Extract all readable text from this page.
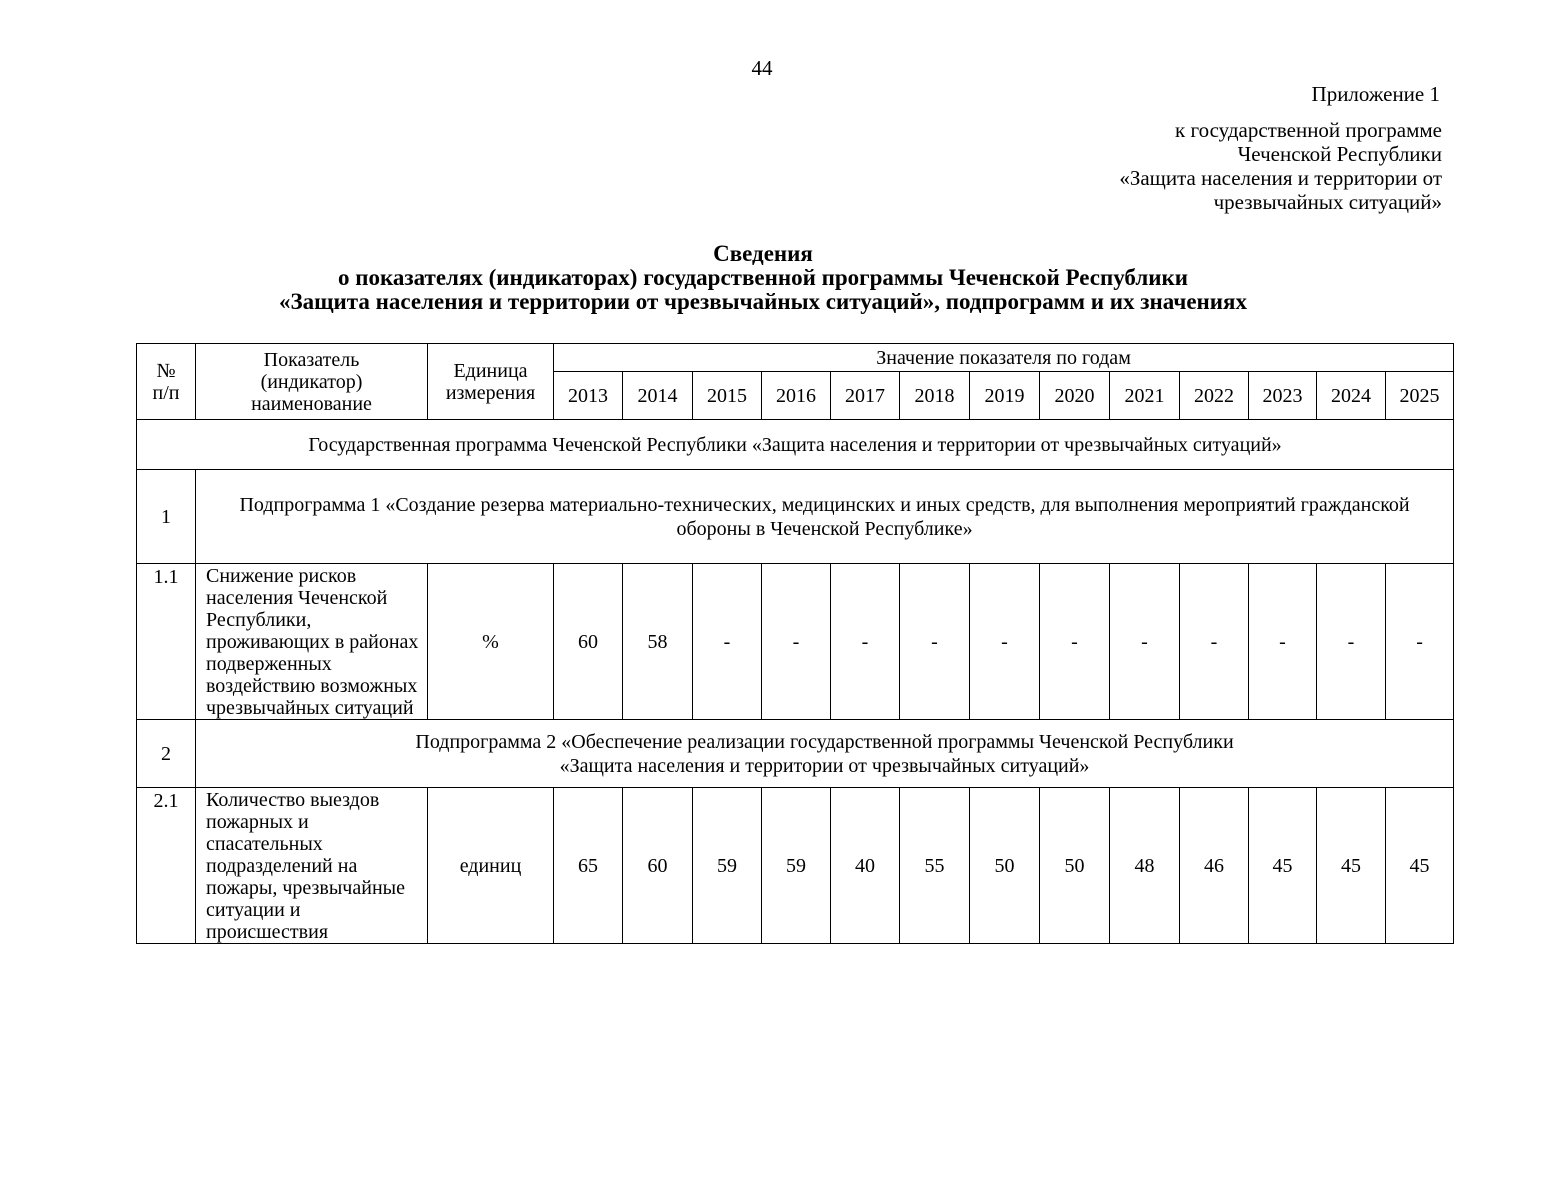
44
Приложение 1
к государственной программе
Чеченской Республики
«Защита населения и территории от
чрезвычайных ситуаций»
Сведения
о показателях (индикаторах) государственной программы Чеченской Республики
«Защита населения и территории от чрезвычайных ситуаций», подпрограмм и их значениях
№ п/п	Показатель (индикатор) наименование	Единица измерения	Значение показателя по годам												
			2013	2014	2015	2016	2017	2018	2019	2020	2021	2022	2023	2024	2025
Государственная программа Чеченской Республики «Защита населения и территории от чрезвычайных ситуаций»															
1	Подпрограмма 1 «Создание резерва материально-технических, медицинских и иных средств, для выполнения мероприятий гражданской обороны в Чеченской Республике»														

1.1	Снижение рисков населения Чеченской Республики, проживающих в районах подверженных воздействию возможных чрезвычайных ситуаций	%	60	58	-	-	-	-	-	-	-	-	-	-	-
2	Подпрограмма 2 «Обеспечение реализации государственной программы Чеченской Республики
«Защита населения и территории от чрезвычайных ситуаций»														

2.1	Количество выездов пожарных и спасательных подразделений на пожары, чрезвычайные ситуации и происшествия	единиц	65	60	59	59	40	55	50	50	48	46	45	45	45
